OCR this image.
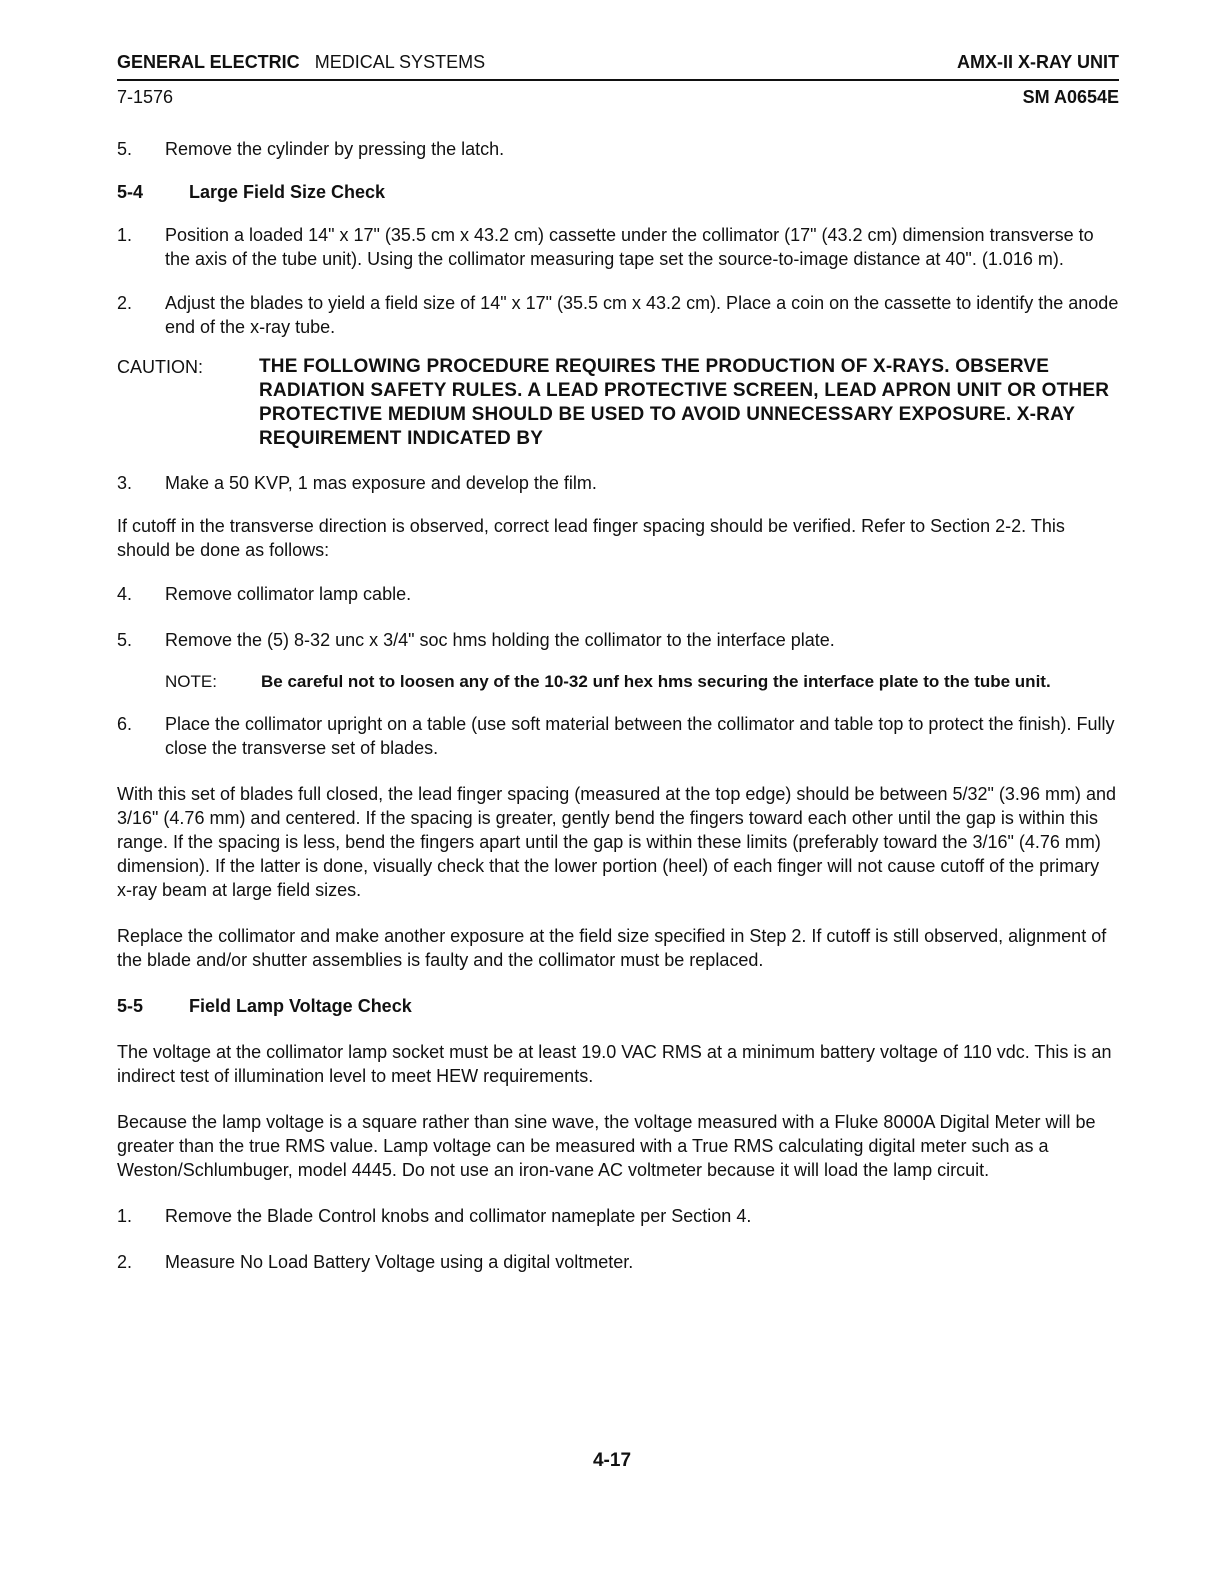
GENERAL ELECTRIC MEDICAL SYSTEMS	AMX-II X-RAY UNIT
7-1576	SM A0654E
5.	Remove the cylinder by pressing the latch.
5-4	Large Field Size Check
1.	Position a loaded 14" x 17" (35.5 cm x 43.2 cm) cassette under the collimator (17" (43.2 cm) dimension transverse to the axis of the tube unit). Using the collimator measuring tape set the source-to-image distance at 40". (1.016 m).
2.	Adjust the blades to yield a field size of 14" x 17" (35.5 cm x 43.2 cm). Place a coin on the cassette to identify the anode end of the x-ray tube.
CAUTION:	THE FOLLOWING PROCEDURE REQUIRES THE PRODUCTION OF X-RAYS. OBSERVE RADIATION SAFETY RULES. A LEAD PROTECTIVE SCREEN, LEAD APRON UNIT OR OTHER PROTECTIVE MEDIUM SHOULD BE USED TO AVOID UNNECESSARY EXPOSURE. X-RAY REQUIREMENT INDICATED BY
3.	Make a 50 KVP, 1 mas exposure and develop the film.

If cutoff in the transverse direction is observed, correct lead finger spacing should be verified. Refer to Section 2-2. This should be done as follows:

4.	Remove collimator lamp cable.
5.	Remove the (5) 8-32 unc x 3/4" soc hms holding the collimator to the interface plate.
NOTE:	Be careful not to loosen any of the 10-32 unf hex hms securing the interface plate to the tube unit.
6.	Place the collimator upright on a table (use soft material between the collimator and table top to protect the finish). Fully close the transverse set of blades.

With this set of blades full closed, the lead finger spacing (measured at the top edge) should be between 5/32" (3.96 mm) and 3/16" (4.76 mm) and centered. If the spacing is greater, gently bend the fingers toward each other until the gap is within this range. If the spacing is less, bend the fingers apart until the gap is within these limits (preferably toward the 3/16" (4.76 mm) dimension). If the latter is done, visually check that the lower portion (heel) of each finger will not cause cutoff of the primary x-ray beam at large field sizes.

Replace the collimator and make another exposure at the field size specified in Step 2. If cutoff is still observed, alignment of the blade and/or shutter assemblies is faulty and the collimator must be replaced.

5-5	Field Lamp Voltage Check

The voltage at the collimator lamp socket must be at least 19.0 VAC RMS at a minimum battery voltage of 110 vdc. This is an indirect test of illumination level to meet HEW requirements.

Because the lamp voltage is a square rather than sine wave, the voltage measured with a Fluke 8000A Digital Meter will be greater than the true RMS value. Lamp voltage can be measured with a True RMS calculating digital meter such as a Weston/Schlumbuger, model 4445. Do not use an iron-vane AC voltmeter because it will load the lamp circuit.

1.	Remove the Blade Control knobs and collimator nameplate per Section 4.
2.	Measure No Load Battery Voltage using a digital voltmeter.
4-17
